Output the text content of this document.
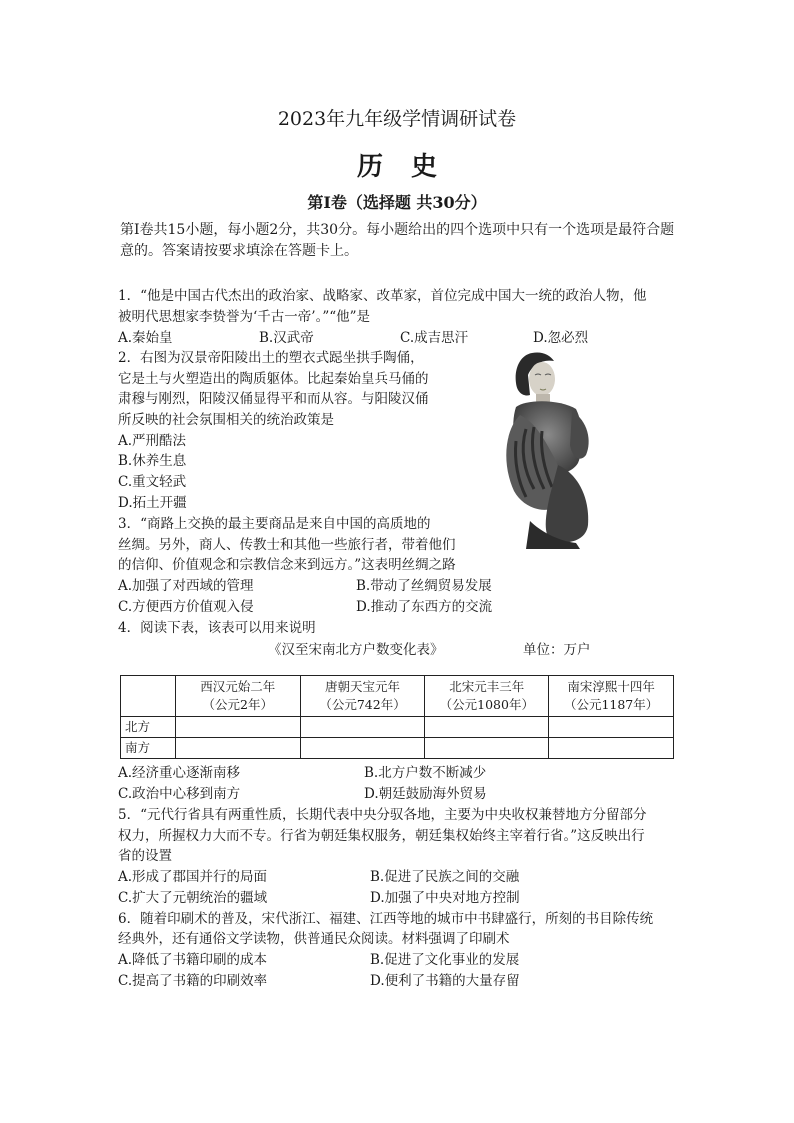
2023年九年级学情调研试卷
历史
第Ⅰ卷（选择题 共30分）
第Ⅰ卷共15小题，每小题2分，共30分。每小题给出的四个选项中只有一个选项是最符合题意的。答案请按要求填涂在答题卡上。
1．“他是中国古代杰出的政治家、战略家、改革家，首位完成中国大一统的政治人物，他
被明代思想家李贽誉为‘千古一帝’。”“他”是
A.秦始皇	B.汉武帝	C.成吉思汗	D.忽必烈
2．右图为汉景帝阳陵出土的塑衣式跽坐拱手陶俑，
它是土与火塑造出的陶质躯体。比起秦始皇兵马俑的
肃穆与刚烈，阳陵汉俑显得平和而从容。与阳陵汉俑
所反映的社会氛围相关的统治政策是
A.严刑酷法
B.休养生息
C.重文轻武
D.拓土开疆
3．“商路上交换的最主要商品是来自中国的高质地的
丝绸。另外，商人、传教士和其他一些旅行者，带着他们
的信仰、价值观念和宗教信念来到远方。”这表明丝绸之路
A.加强了对西域的管理	B.带动了丝绸贸易发展
C.方便西方价值观入侵	D.推动了东西方的交流
4．阅读下表，该表可以用来说明
《汉至宋南北方户数变化表》	单位：万户
	西汉元始二年
（公元2年）	唐朝天宝元年
（公元742年）	北宋元丰三年
（公元1080年）	南宋淳熙十四年
（公元1187年）
北方				
南方				
A.经济重心逐渐南移	B.北方户数不断减少
C.政治中心移到南方	D.朝廷鼓励海外贸易
5．“元代行省具有两重性质，长期代表中央分驭各地，主要为中央收权兼替地方分留部分
权力，所握权力大而不专。行省为朝廷集权服务，朝廷集权始终主宰着行省。”这反映出行
省的设置
A.形成了郡国并行的局面	B.促进了民族之间的交融
C.扩大了元朝统治的疆域	D.加强了中央对地方控制
6．随着印刷术的普及，宋代浙江、福建、江西等地的城市中书肆盛行，所刻的书目除传统
经典外，还有通俗文学读物，供普通民众阅读。材料强调了印刷术
A.降低了书籍印刷的成本	B.促进了文化事业的发展
C.提高了书籍的印刷效率	D.便利了书籍的大量存留
